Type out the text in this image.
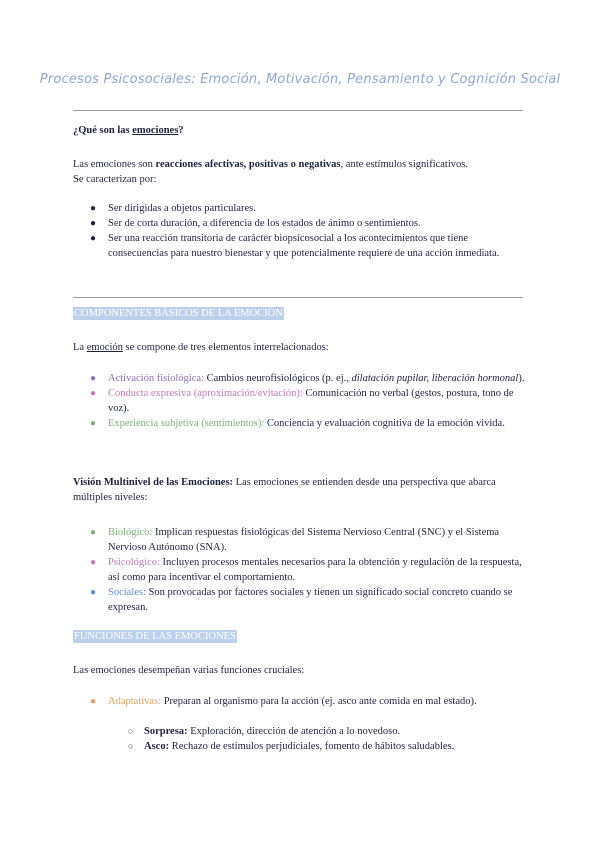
Procesos Psicosociales: Emoción, Motivación, Pensamiento y Cognición Social
¿Qué son las emociones?
Las emociones son reacciones afectivas, positivas o negativas, ante estímulos significativos.
Se caracterizan por:
● Ser dirigidas a objetos particulares.
● Ser de corta duración, a diferencia de los estados de ánimo o sentimientos.
● Ser una reacción transitoria de carácter biopsicosocial a los acontecimientos que tiene consecuencias para nuestro bienestar y que potencialmente requiere de una acción inmediata.
COMPONENTES BÁSICOS DE LA EMOCIÓN
La emoción se compone de tres elementos interrelacionados:
● Activación fisiológica: Cambios neurofisiológicos (p. ej., dilatación pupilar, liberación hormonal).
● Conducta expresiva (aproximación/evitación): Comunicación no verbal (gestos, postura, tono de voz).
● Experiencia subjetiva (sentimientos): Conciencia y evaluación cognitiva de la emoción vivida.
Visión Multinivel de las Emociones: Las emociones se entienden desde una perspectiva que abarca múltiples niveles:
● Biológico: Implican respuestas fisiológicas del Sistema Nervioso Central (SNC) y el Sistema Nervioso Autónomo (SNA).
● Psicológico: Incluyen procesos mentales necesarios para la obtención y regulación de la respuesta, así como para incentivar el comportamiento.
● Sociales: Son provocadas por factores sociales y tienen un significado social concreto cuando se expresan.
FUNCIONES DE LAS EMOCIONES
Las emociones desempeñan varias funciones cruciales:
● Adaptativas: Preparan al organismo para la acción (ej. asco ante comida en mal estado).
○ Sorpresa: Exploración, dirección de atención a lo novedoso.
○ Asco: Rechazo de estímulos perjudiciales, fomento de hábitos saludables.
